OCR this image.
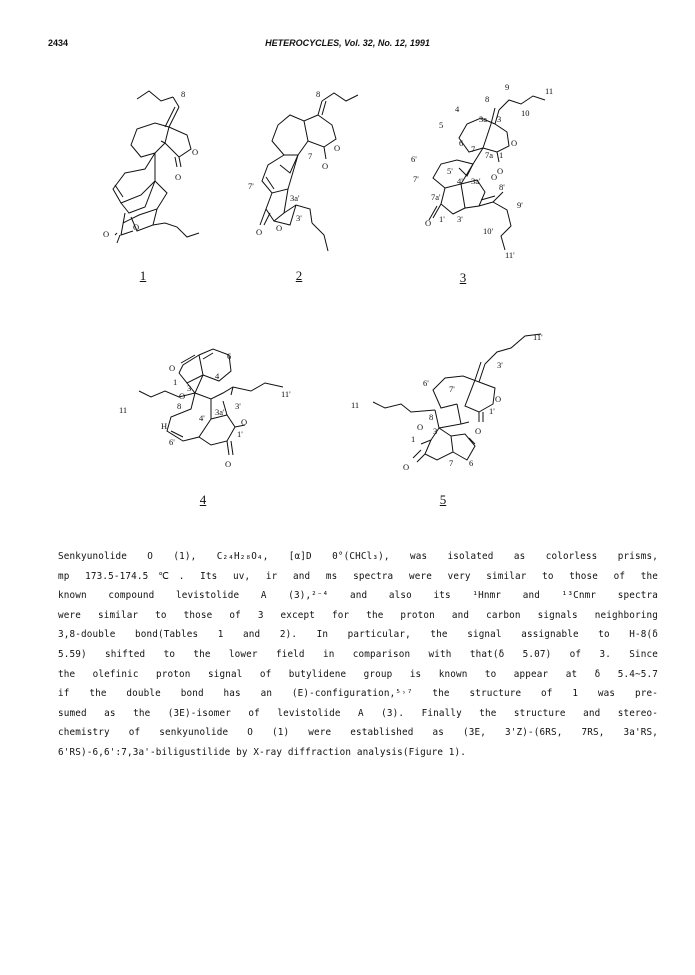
2434	HETEROCYCLES, Vol. 32, No. 12, 1991
8
O
O
O
O
1
8
7
7'
3a'
3'
O
O
O
O
2
9	11
8
10
4
3a 3
5
6
7
7a 1
O
O
6'
5'
4' 3a'
7'
7a'
8'
9'
1' 3'
10'
11'
O
O
3
6
O
1
3
4
O
11	8
11'
3'
H
4'
3a'
6'
1'
O
O
4
11'
3'
6'
7'
O
1'
O
11
8
O 3
1
O	7 6
5
Senkyunolide O (1), C₂₄H₂₈O₄, [α]D 0°(CHCl₃), was isolated as colorless prisms,
mp 173.5-174.5℃. Its uv, ir and ms spectra were very similar to those of the
known compound levistolide A (3),²⁻⁴ and also its ¹Hnmr and ¹³Cnmr spectra
were similar to those of 3 except for the proton and carbon signals neighboring
3,8-double bond(Tables 1 and 2). In particular, the signal assignable to H-8(δ
5.59) shifted to the lower field in comparison with that(δ 5.07) of 3. Since
the olefinic proton signal of butylidene group is known to appear at δ 5.4~5.7
if the double bond has an (E)-configuration,⁵˒⁷ the structure of 1 was pre-
sumed as the (3E)-isomer of levistolide A (3). Finally the structure and stereo-
chemistry of senkyunolide O (1) were established as (3E, 3'Z)-(6RS, 7RS, 3a'RS,
6'RS)-6,6':7,3a'-biligustilide by X-ray diffraction analysis(Figure 1).
